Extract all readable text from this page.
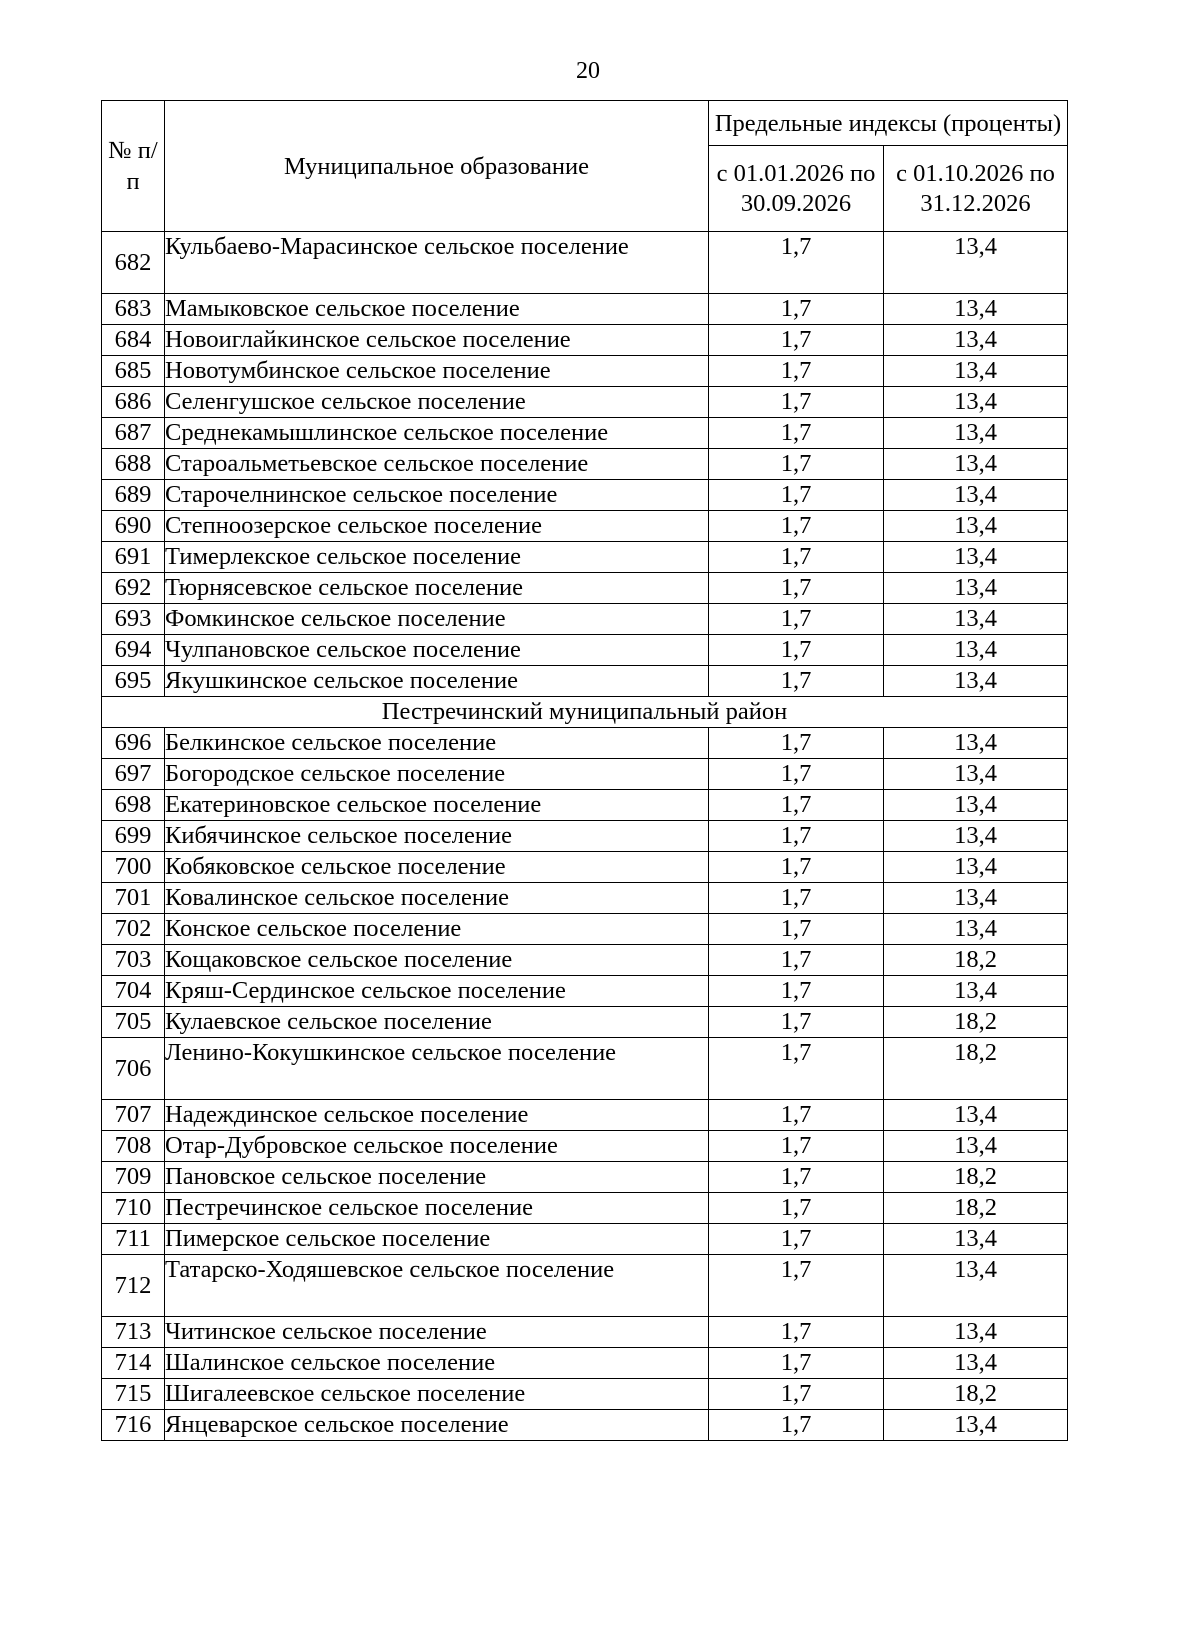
20
№ п/п	Муниципальное образование	Предельные индексы (проценты)	
		с 01.01.2026 по 30.09.2026	с 01.10.2026 по 31.12.2026
682	Кульбаево-Марасинское сельское поселение	1,7	13,4
683	Мамыковское сельское поселение	1,7	13,4
684	Новоиглайкинское сельское поселение	1,7	13,4
685	Новотумбинское сельское поселение	1,7	13,4
686	Селенгушское сельское поселение	1,7	13,4
687	Среднекамышлинское сельское поселение	1,7	13,4
688	Староальметьевское сельское поселение	1,7	13,4
689	Старочелнинское сельское поселение	1,7	13,4
690	Степноозерское сельское поселение	1,7	13,4
691	Тимерлекское сельское поселение	1,7	13,4
692	Тюрнясевское сельское поселение	1,7	13,4
693	Фомкинское сельское поселение	1,7	13,4
694	Чулпановское сельское поселение	1,7	13,4
695	Якушкинское сельское поселение	1,7	13,4
Пестречинский муниципальный район			
696	Белкинское сельское поселение	1,7	13,4
697	Богородское сельское поселение	1,7	13,4
698	Екатериновское сельское поселение	1,7	13,4
699	Кибячинское сельское поселение	1,7	13,4
700	Кобяковское сельское поселение	1,7	13,4
701	Ковалинское сельское поселение	1,7	13,4
702	Конское сельское поселение	1,7	13,4
703	Кощаковское сельское поселение	1,7	18,2
704	Кряш-Сердинское сельское поселение	1,7	13,4
705	Кулаевское сельское поселение	1,7	18,2
706	Ленино-Кокушкинское сельское поселение	1,7	18,2
707	Надеждинское сельское поселение	1,7	13,4
708	Отар-Дубровское сельское поселение	1,7	13,4
709	Пановское сельское поселение	1,7	18,2
710	Пестречинское сельское поселение	1,7	18,2
711	Пимерское сельское поселение	1,7	13,4
712	Татарско-Ходяшевское сельское поселение	1,7	13,4
713	Читинское сельское поселение	1,7	13,4
714	Шалинское сельское поселение	1,7	13,4
715	Шигалеевское сельское поселение	1,7	18,2
716	Янцеварское сельское поселение	1,7	13,4
